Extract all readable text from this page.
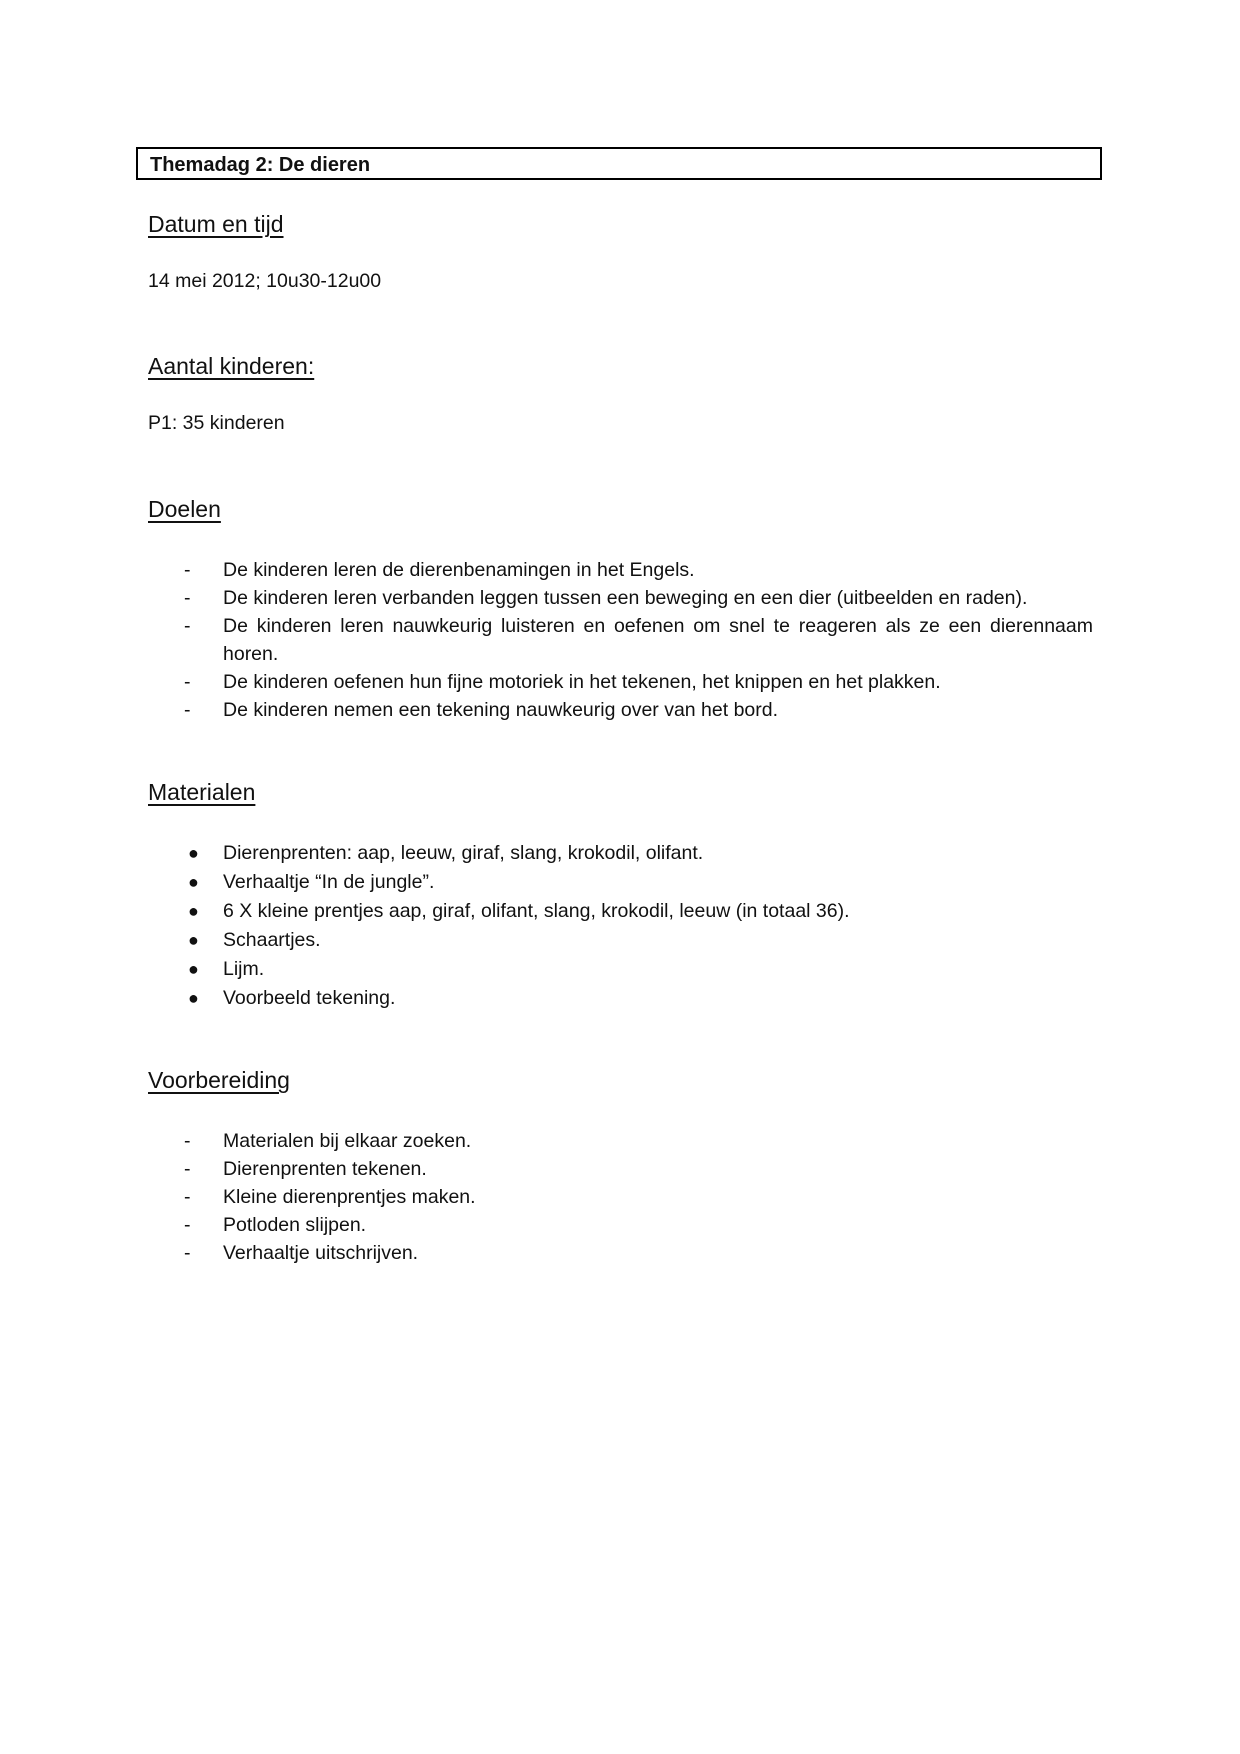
Themadag 2: De dieren
Datum en tijd
14 mei 2012; 10u30-12u00
Aantal kinderen:
P1: 35 kinderen
Doelen
-	De kinderen leren de dierenbenamingen in het Engels.
-	De kinderen leren verbanden leggen tussen een beweging en een dier (uitbeelden en raden).
-	De kinderen leren nauwkeurig luisteren en oefenen om snel te reageren als ze een dierennaam horen.
-	De kinderen oefenen hun fijne motoriek in het tekenen, het knippen en het plakken.
-	De kinderen nemen een tekening nauwkeurig over van het bord.
Materialen
●	Dierenprenten: aap, leeuw, giraf, slang, krokodil, olifant.
●	Verhaaltje “In de jungle”.
●	6 X kleine prentjes aap, giraf, olifant, slang, krokodil, leeuw (in totaal 36).
●	Schaartjes.
●	Lijm.
●	Voorbeeld tekening.
Voorbereiding
-	Materialen bij elkaar zoeken.
-	Dierenprenten tekenen.
-	Kleine dierenprentjes maken.
-	Potloden slijpen.
-	Verhaaltje uitschrijven.
